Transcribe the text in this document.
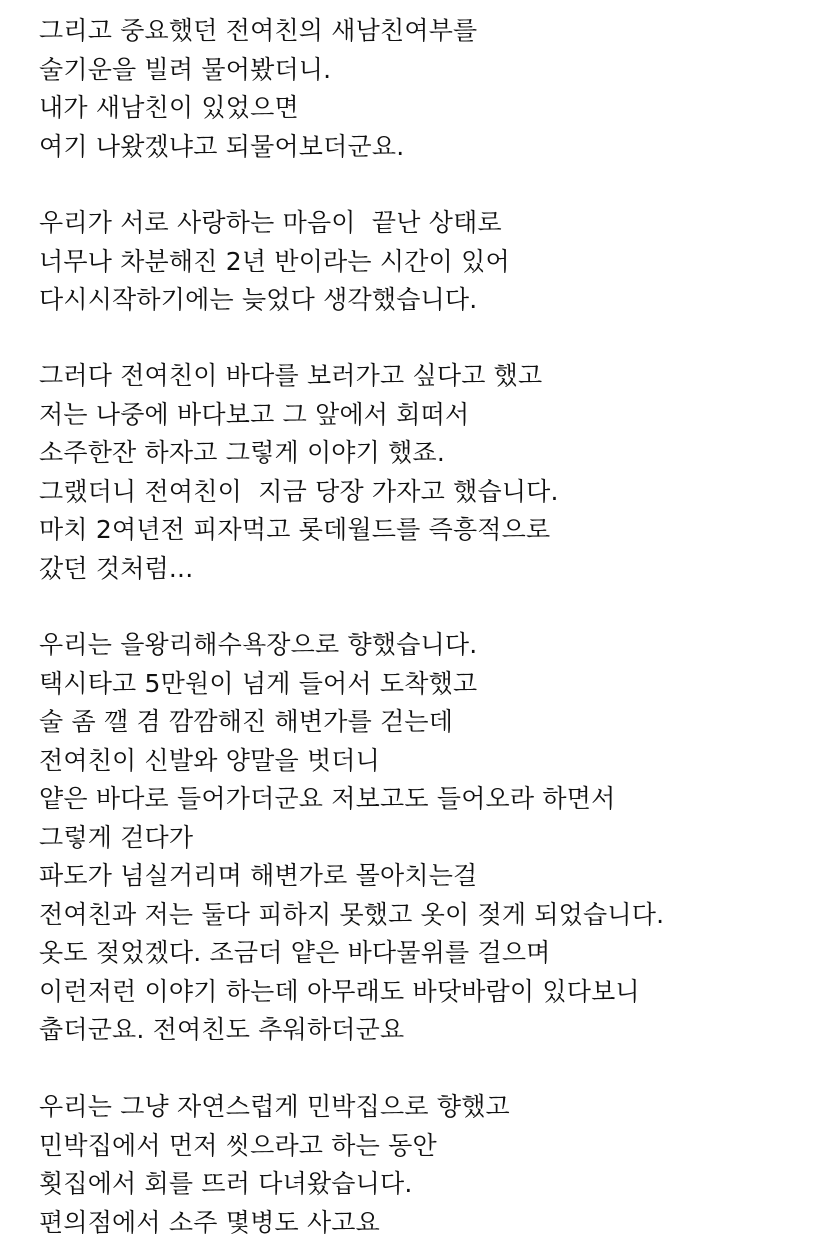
그리고 중요했던 전여친의 새남친여부를
술기운을 빌려 물어봤더니.
내가 새남친이 있었으면
여기 나왔겠냐고 되물어보더군요.
우리가 서로 사랑하는 마음이  끝난 상태로
너무나 차분해진 2년 반이라는 시간이 있어
다시시작하기에는 늦었다 생각했습니다.
그러다 전여친이 바다를 보러가고 싶다고 했고
저는 나중에 바다보고 그 앞에서 회떠서
소주한잔 하자고 그렇게 이야기 했죠.
그랬더니 전여친이  지금 당장 가자고 했습니다.
마치 2여년전 피자먹고 롯데월드를 즉흥적으로
갔던 것처럼...
우리는 을왕리해수욕장으로 향했습니다.
택시타고 5만원이 넘게 들어서 도착했고
술 좀 깰 겸 깜깜해진 해변가를 걷는데
전여친이 신발와 양말을 벗더니
얕은 바다로 들어가더군요 저보고도 들어오라 하면서
그렇게 걷다가
파도가 넘실거리며 해변가로 몰아치는걸
전여친과 저는 둘다 피하지 못했고 옷이 젖게 되었습니다.
옷도 젖었겠다. 조금더 얕은 바다물위를 걸으며
이런저런 이야기 하는데 아무래도 바닷바람이 있다보니
춥더군요. 전여친도 추워하더군요
우리는 그냥 자연스럽게 민박집으로 향했고
민박집에서 먼저 씻으라고 하는 동안
횟집에서 회를 뜨러 다녀왔습니다.
편의점에서 소주 몇병도 사고요
